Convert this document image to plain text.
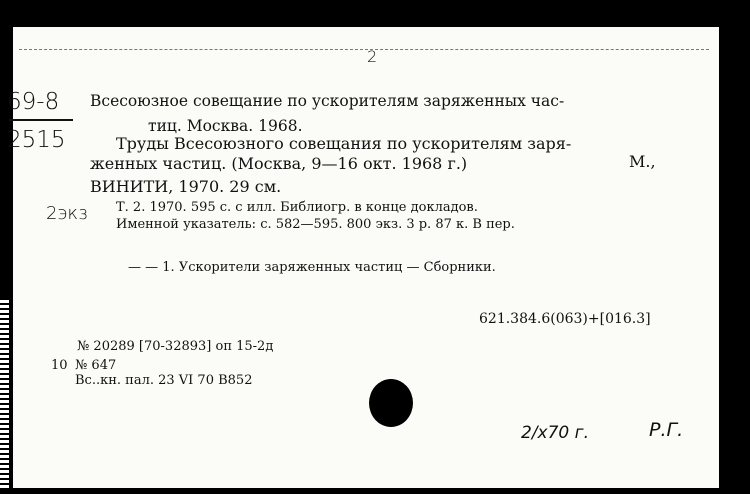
2
69-8
2515
Всесоюзное совещание по ускорителям заряженных час-
тиц. Москва. 1968.
Труды Всесоюзного совещания по ускорителям заря-
женных частиц. (Москва, 9—16 окт. 1968 г.)	М.,
ВИНИТИ, 1970. 29 см.
2экз Т. 2. 1970. 595 с. с илл. Библиогр. в конце докладов.
Именной указатель: с. 582—595. 800 экз. 3 р. 87 к. В пер.
— — 1. Ускорители заряженных частиц — Сборники.
621.384.6(063)+[016.3]
№ 20289 [70-32893] оп 15-2д
10 № 647
Вс..кн. пал. 23 VI 70 В852
2/х70 г.	Р.Г.
